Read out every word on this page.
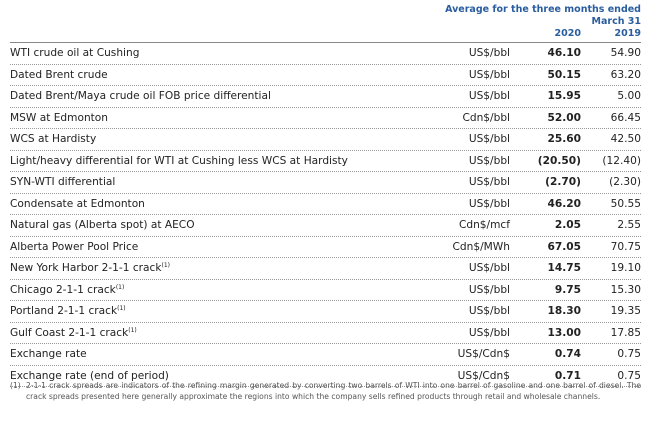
Average for the three months ended
March 31
2020	2019
WTI crude oil at Cushing	US$/bbl	46.10	54.90
Dated Brent crude	US$/bbl	50.15	63.20
Dated Brent/Maya crude oil FOB price differential	US$/bbl	15.95	5.00
MSW at Edmonton	Cdn$/bbl	52.00	66.45
WCS at Hardisty	US$/bbl	25.60	42.50
Light/heavy differential for WTI at Cushing less WCS at Hardisty	US$/bbl	(20.50)	(12.40)
SYN-WTI differential	US$/bbl	(2.70)	(2.30)
Condensate at Edmonton	US$/bbl	46.20	50.55
Natural gas (Alberta spot) at AECO	Cdn$/mcf	2.05	2.55
Alberta Power Pool Price	Cdn$/MWh	67.05	70.75
New York Harbor 2-1-1 crack$^{(1)}$	US$/bbl	14.75	19.10
Chicago 2-1-1 crack$^{(1)}$	US$/bbl	9.75	15.30
Portland 2-1-1 crack$^{(1)}$	US$/bbl	18.30	19.35
Gulf Coast 2-1-1 crack$^{(1)}$	US$/bbl	13.00	17.85
Exchange rate	US$/Cdn$	0.74	0.75
Exchange rate (end of period)	US$/Cdn$	0.71	0.75
(1) 2-1-1 crack spreads are indicators of the refining margin generated by converting two barrels of WTI into one barrel of gasoline and one barrel of diesel. The crack spreads presented here generally approximate the regions into which the company sells refined products through retail and wholesale channels.
